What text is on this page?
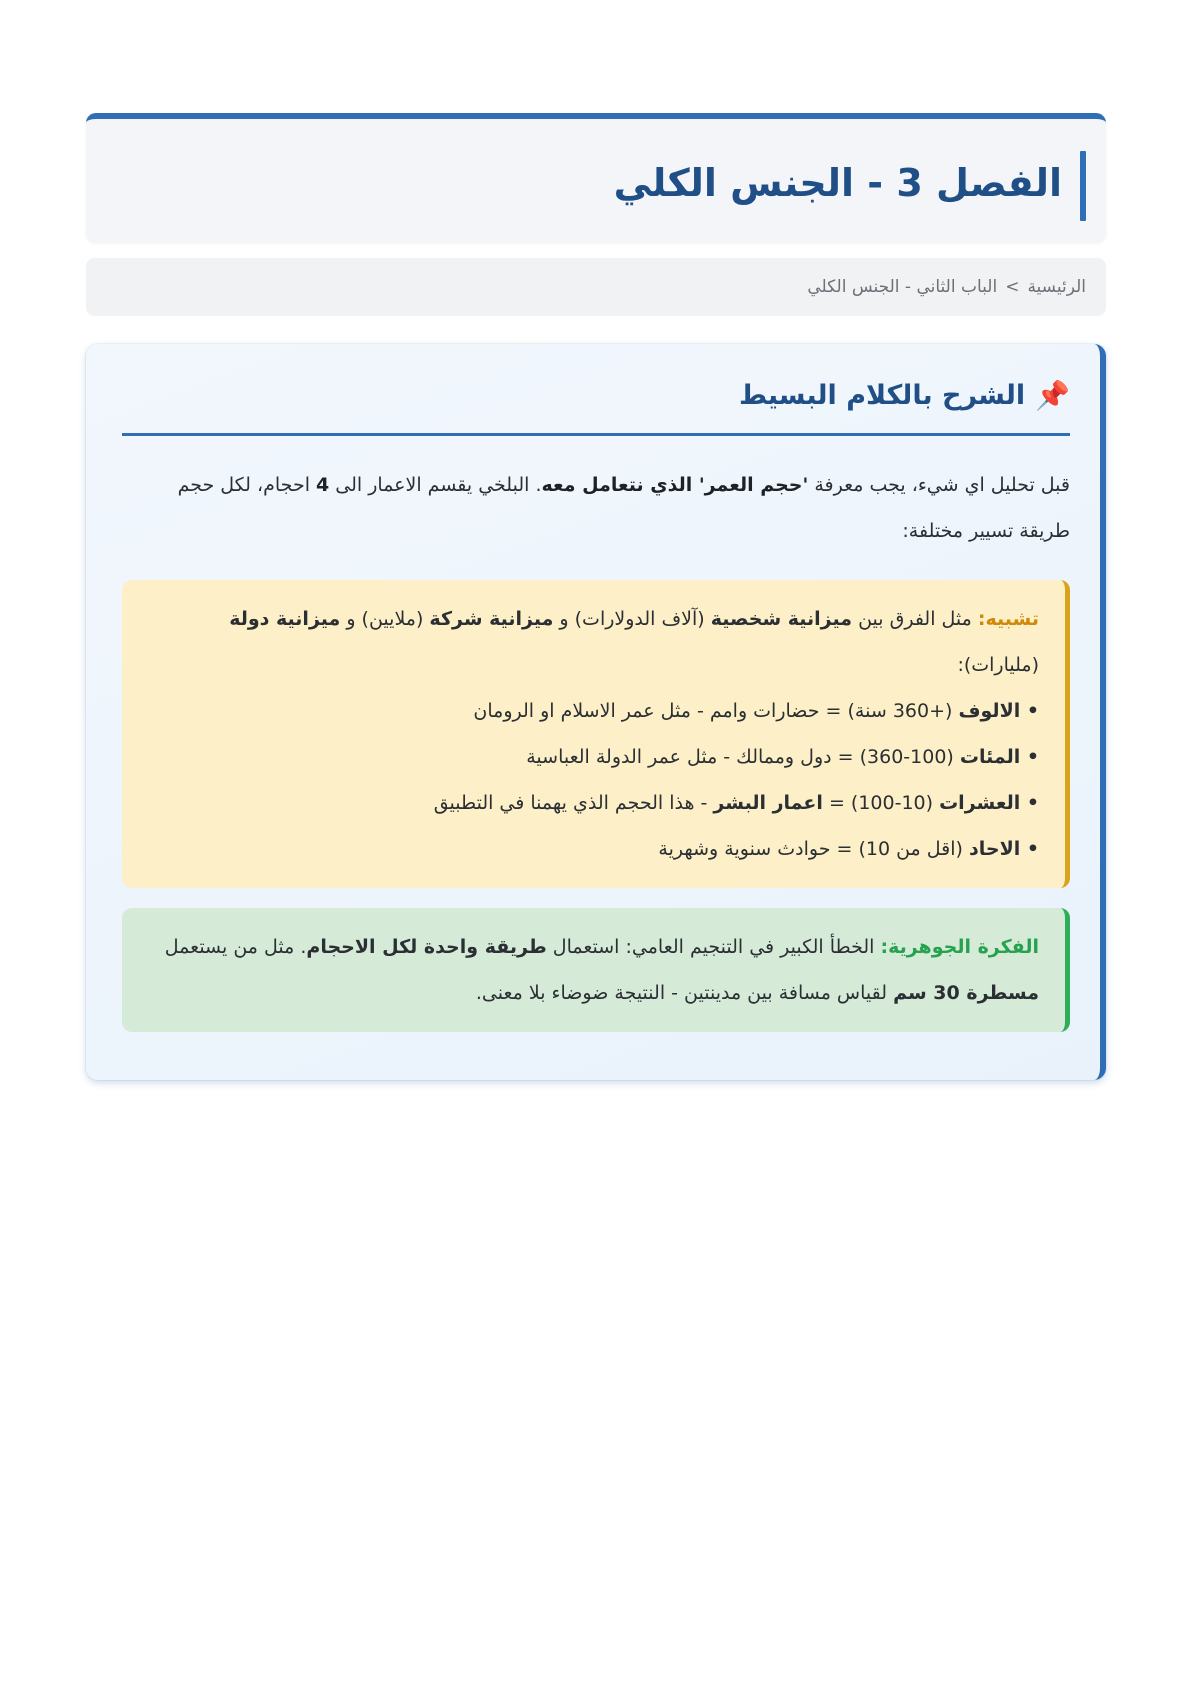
الفصل 3 - الجنس الكلي
الرئيسية
>
الباب الثاني - الجنس الكلي
📌
الشرح بالكلام البسيط

قبل تحليل اي شيء، يجب معرفة 'حجم العمر' الذي نتعامل معه. البلخي يقسم الاعمار الى 4 احجام، لكل حجم طريقة تسيير مختلفة:

تشبيه: مثل الفرق بين ميزانية شخصية (آلاف الدولارات) و ميزانية شركة (ملايين) و ميزانية دولة (مليارات):
• الالوف (+360 سنة) = حضارات وامم - مثل عمر الاسلام او الرومان
• المئات (100-360) = دول وممالك - مثل عمر الدولة العباسية
• العشرات (10-100) = اعمار البشر - هذا الحجم الذي يهمنا في التطبيق
• الاحاد (اقل من 10) = حوادث سنوية وشهرية
الفكرة الجوهرية: الخطأ الكبير في التنجيم العامي: استعمال طريقة واحدة لكل الاحجام. مثل من يستعمل مسطرة 30 سم لقياس مسافة بين مدينتين - النتيجة ضوضاء بلا معنى.
